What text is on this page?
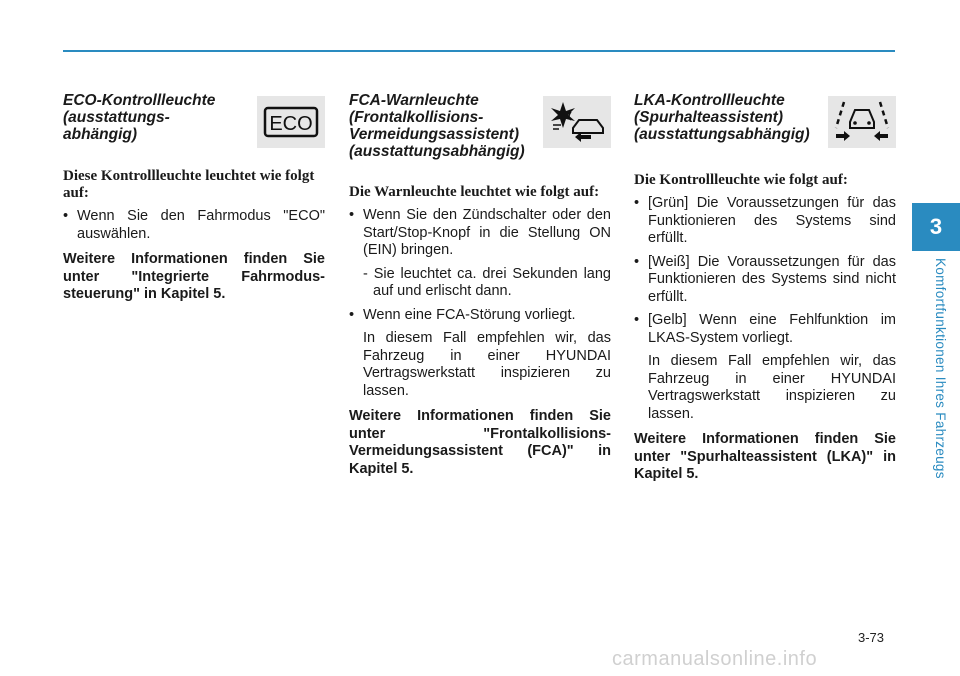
ECO-Kontrollleuchte (ausstattungs-abhängig)	ECO

Diese Kontrollleuchte leuchtet wie folgt auf:

• Wenn Sie den Fahrmodus "ECO" auswählen.

Weitere Informationen finden Sie unter "Integrierte Fahrmodus-steuerung" in Kapitel 5.

FCA-Warnleuchte (Frontalkollisions-Vermeidungsassistent) (ausstattungsabhängig)

Die Warnleuchte leuchtet wie folgt auf:

• Wenn Sie den Zündschalter oder den Start/Stop-Knopf in die Stellung ON (EIN) bringen.

- Sie leuchtet ca. drei Sekunden lang auf und erlischt dann.

• Wenn eine FCA-Störung vorliegt.

In diesem Fall empfehlen wir, das Fahrzeug in einer HYUNDAI Vertragswerkstatt inspizieren zu lassen.

Weitere Informationen finden Sie unter "Frontalkollisions-Vermeidungsassistent (FCA)" in Kapitel 5.

LKA-Kontrollleuchte (Spurhalteassistent) (ausstattungsabhängig)

Die Kontrollleuchte wie folgt auf:

• [Grün] Die Voraussetzungen für das Funktionieren des Systems sind erfüllt.
• [Weiß] Die Voraussetzungen für das Funktionieren des Systems sind nicht erfüllt.
• [Gelb] Wenn eine Fehlfunktion im LKAS-System vorliegt.

In diesem Fall empfehlen wir, das Fahrzeug in einer HYUNDAI Vertragswerkstatt inspizieren zu lassen.

Weitere Informationen finden Sie unter "Spurhalteassistent (LKA)" in Kapitel 5.

3
Komfortfunktionen Ihres Fahrzeugs
3-73
carmanualsonline.info
